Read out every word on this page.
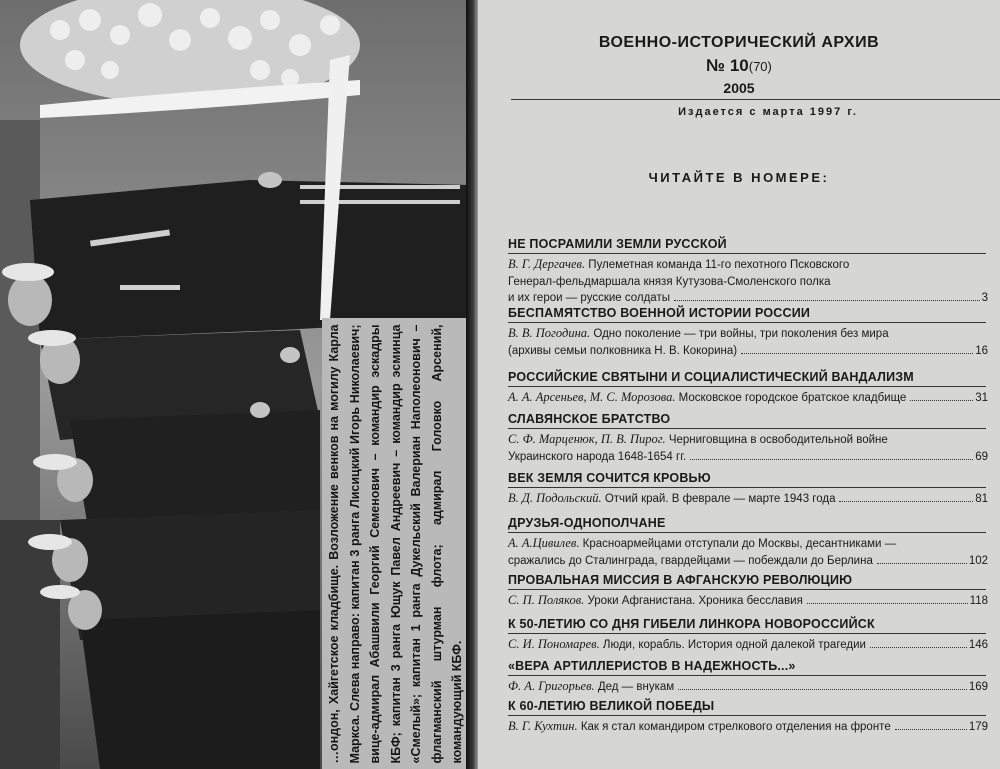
…ондон, Хайгетское кладбище. Возложение венков на могилу Карла Маркса. Слева направо: капитан 3 ранга Лисицкий Игорь Николаевич; вице-адмирал Абашвили Георгий Семенович – командир эскадры КБФ; капитан 3 ранга Ющук Павел Андреевич – командир эсминца «Смелый»; капитан 1 ранга Дукельский Валериан Наполеонович – флагманский штурман флота; адмирал Головко Арсений, командующий КБФ.
ВОЕННО-ИСТОРИЧЕСКИЙ АРХИВ
№ 10(70)
2005
Издается с марта 1997 г.
ЧИТАЙТЕ В НОМЕРЕ:
НЕ ПОСРАМИЛИ ЗЕМЛИ РУССКОЙ
В. Г. Дергачев. Пулеметная команда 11-го пехотного Псковского
Генерал-фельдмаршала князя Кутузова-Смоленского полка
и их герои — русские солдаты	3
БЕСПАМЯТСТВО ВОЕННОЙ ИСТОРИИ РОССИИ
В. В. Погодина. Одно поколение — три войны, три поколения без мира
(архивы семьи полковника Н. В. Кокорина)	16
РОССИЙСКИЕ СВЯТЫНИ И СОЦИАЛИСТИЧЕСКИЙ ВАНДАЛИЗМ
А. А. Арсеньев, М. С. Морозова. Московское городское братское кладбище	31
СЛАВЯНСКОЕ БРАТСТВО
С. Ф. Марценюк, П. В. Пирог. Черниговщина в освободительной войне
Украинского народа 1648-1654 гг.	69
ВЕК ЗЕМЛЯ СОЧИТСЯ КРОВЬЮ
В. Д. Подольский. Отчий край. В феврале — марте 1943 года	81
ДРУЗЬЯ-ОДНОПОЛЧАНЕ
А. А.Цивилев. Красноармейцами отступали до Москвы, десантниками —
сражались до Сталинграда, гвардейцами — побеждали до Берлина	102
ПРОВАЛЬНАЯ МИССИЯ В АФГАНСКУЮ РЕВОЛЮЦИЮ
С. П. Поляков. Уроки Афганистана. Хроника бесславия	118
К 50-ЛЕТИЮ СО ДНЯ ГИБЕЛИ ЛИНКОРА НОВОРОССИЙСК
С. И. Пономарев. Люди, корабль. История одной далекой трагедии	146
«ВЕРА АРТИЛЛЕРИСТОВ В НАДЕЖНОСТЬ...»
Ф. А. Григорьев. Дед — внукам	169
К 60-ЛЕТИЮ ВЕЛИКОЙ ПОБЕДЫ
В. Г. Кухтин. Как я стал командиром стрелкового отделения на фронте	179
